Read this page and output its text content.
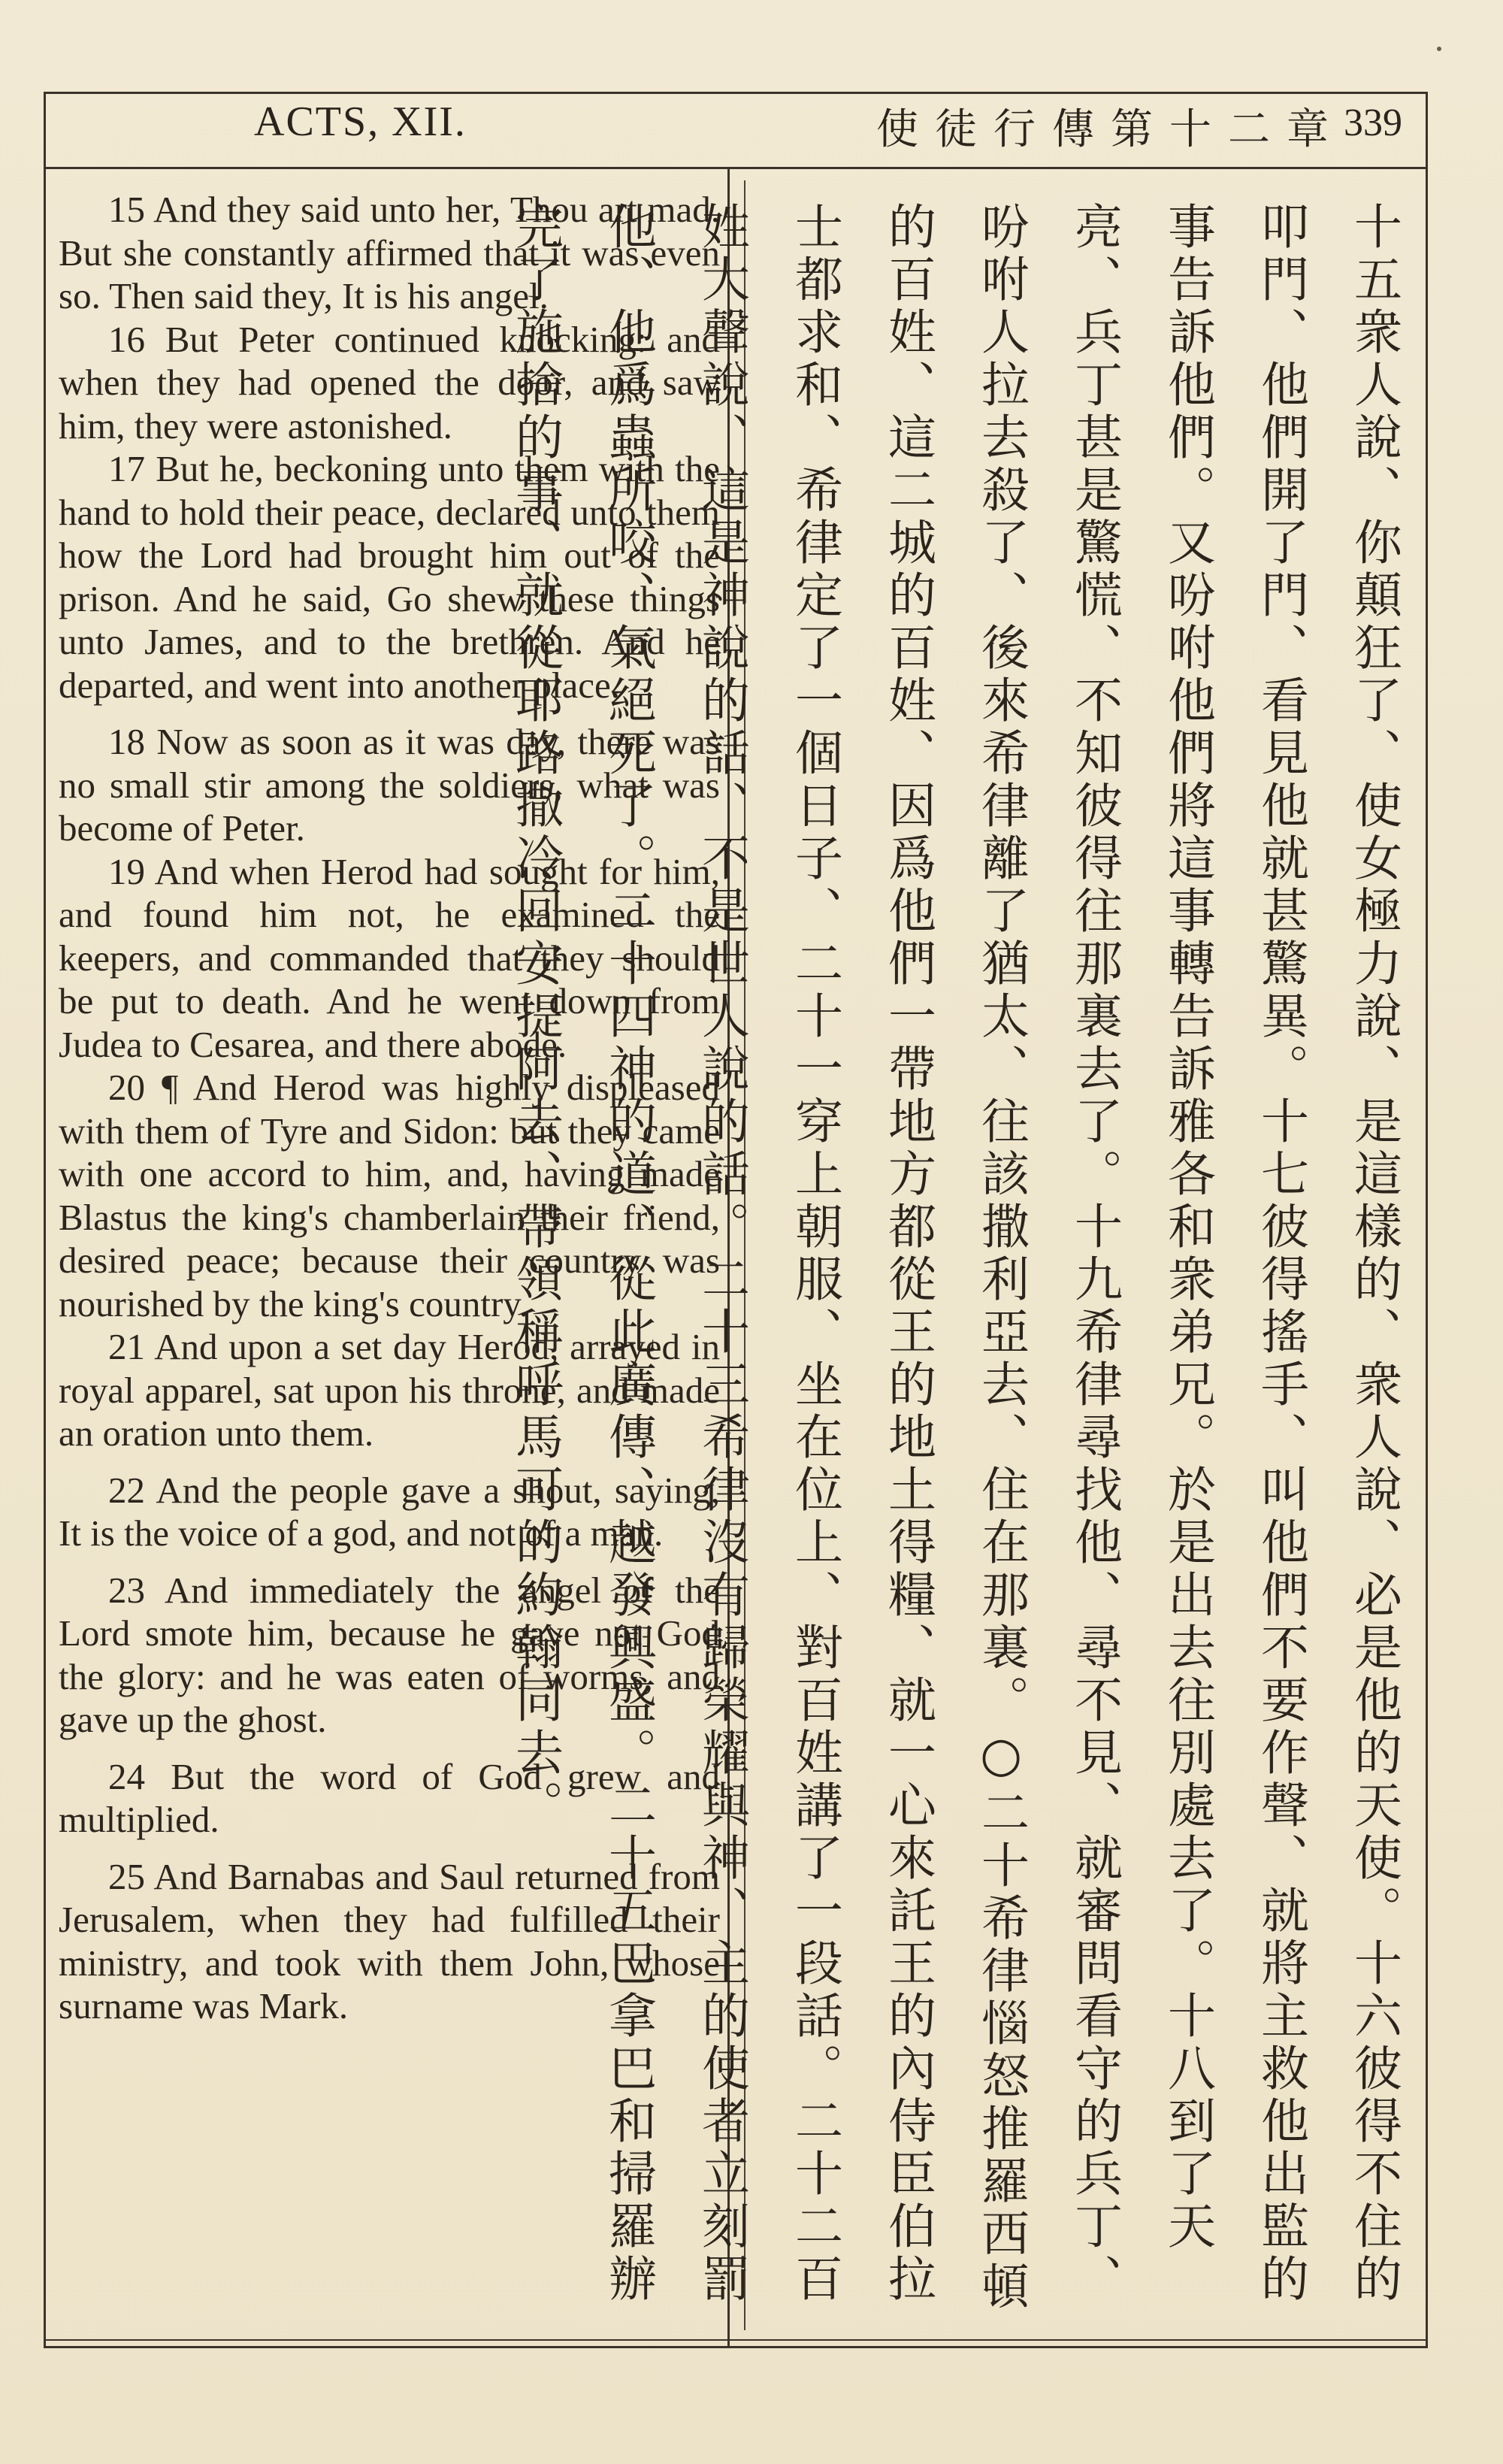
ACTS, XII.	使徒行傳第十二章
339

15 And they said unto her, Thou art mad. But she constantly affirmed that it was even so. Then said they, It is his angel.

16 But Peter continued knocking: and when they had opened the door, and saw him, they were astonished.

17 But he, beckoning unto them with the hand to hold their peace, declared unto them how the Lord had brought him out of the prison. And he said, Go shew these things unto James, and to the brethren. And he departed, and went into another place.

18 Now as soon as it was day, there was no small stir among the soldiers, what was become of Peter.

19 And when Herod had sought for him, and found him not, he examined the keepers, and commanded that they should be put to death. And he went down from Judea to Cesarea, and there abode.

20 ¶ And Herod was highly displeased with them of Tyre and Sidon: but they came with one accord to him, and, having made Blastus the king's chamberlain their friend, desired peace; because their country was nourished by the king's country.

21 And upon a set day Herod, arrayed in royal apparel, sat upon his throne, and made an oration unto them.

22 And the people gave a shout, saying, It is the voice of a god, and not of a man.

23 And immediately the angel of the Lord smote him, because he gave not God the glory: and he was eaten of worms, and gave up the ghost.

24 But the word of God grew and multiplied.

25 And Barnabas and Saul returned from Jerusalem, when they had fulfilled their ministry, and took with them John, whose surname was Mark.	十五衆人說、你顛狂了、使女極力說、是這樣的、衆人說、必是他的天使。十六彼得不住的叩門、他們開了門、看見他就甚驚異。十七彼得搖手、叫他們不要作聲、就將主救他出監的事告訴他們。又吩咐他們將這事轉告訴雅各和衆弟兄。於是出去往別處去了。十八到了天亮、兵丁甚是驚慌、不知彼得往那裏去了。十九希律尋找他、尋不見、就審問看守的兵丁、吩咐人拉去殺了、後來希律離了猶太、往該撒利亞去、住在那裏。○二十希律惱怒推羅西頓的百姓、這二城的百姓、因爲他們一帶地方都從王的地土得糧、就一心來託王的內侍臣伯拉士都求和、希律定了一個日子、二十一穿上朝服、坐在位上、對百姓講了一段話。二十二百姓大聲說、這是神說的話、不是世人說的話。二十三希律沒有歸榮耀與神、主的使者立刻罰他、他爲蟲所咬、氣絕死了。二十四神的道、從此廣傳、越發興盛。二十五巴拿巴和掃羅辦完了施捨的事、就從耶路撒冷回安提阿去、帶領稱呼馬可的約翰同去。
